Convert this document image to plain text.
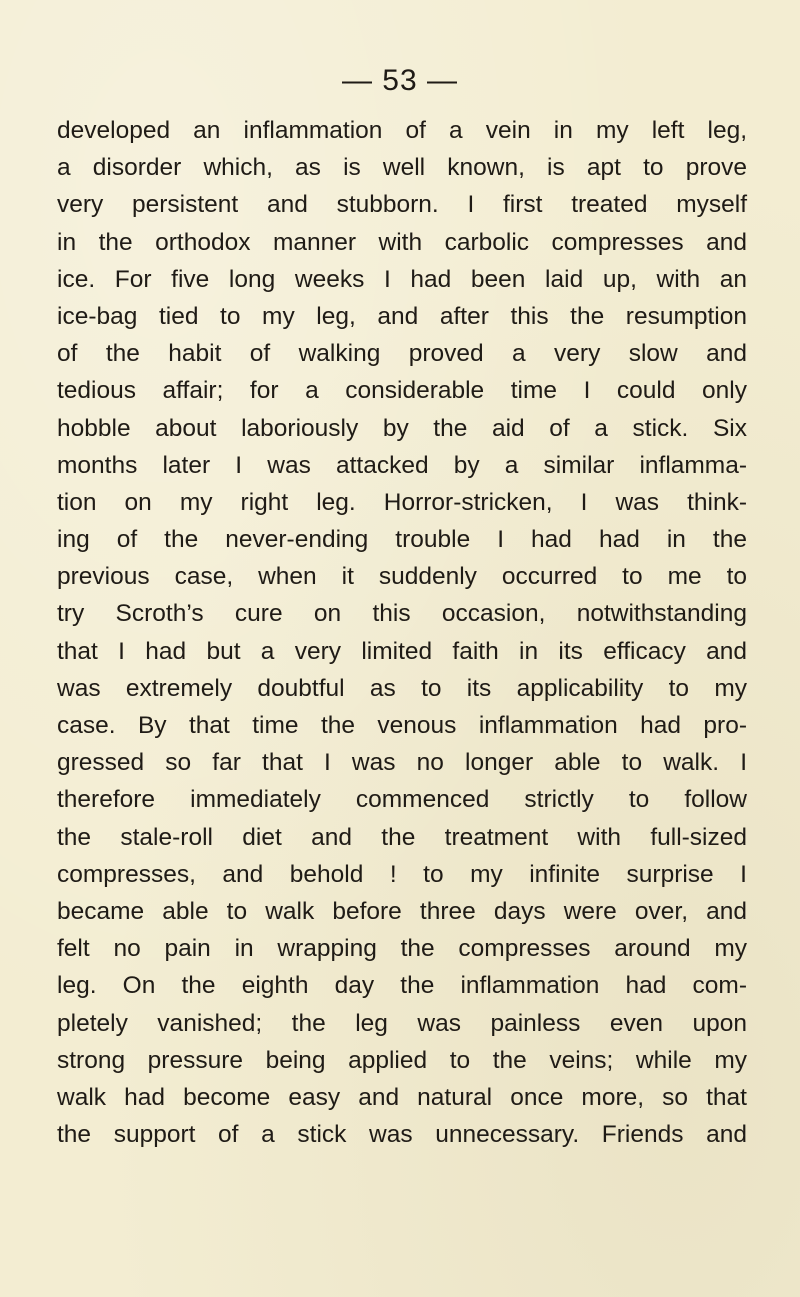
— 53 —
developed an inflammation of a vein in my left leg,
a disorder which, as is well known, is apt to prove
very persistent and stubborn. I first treated myself
in the orthodox manner with carbolic compresses and
ice. For five long weeks I had been laid up, with an
ice-bag tied to my leg, and after this the resumption
of the habit of walking proved a very slow and
tedious affair; for a considerable time I could only
hobble about laboriously by the aid of a stick. Six
months later I was attacked by a similar inflamma-
tion on my right leg. Horror-stricken, I was think-
ing of the never-ending trouble I had had in the
previous case, when it suddenly occurred to me to
try Scroth’s cure on this occasion, notwithstanding
that I had but a very limited faith in its efficacy and
was extremely doubtful as to its applicability to my
case. By that time the venous inflammation had pro-
gressed so far that I was no longer able to walk. I
therefore immediately commenced strictly to follow
the stale-roll diet and the treatment with full-sized
compresses, and behold ! to my infinite surprise I
became able to walk before three days were over, and
felt no pain in wrapping the compresses around my
leg. On the eighth day the inflammation had com-
pletely vanished; the leg was painless even upon
strong pressure being applied to the veins; while my
walk had become easy and natural once more, so that
the support of a stick was unnecessary. Friends and
